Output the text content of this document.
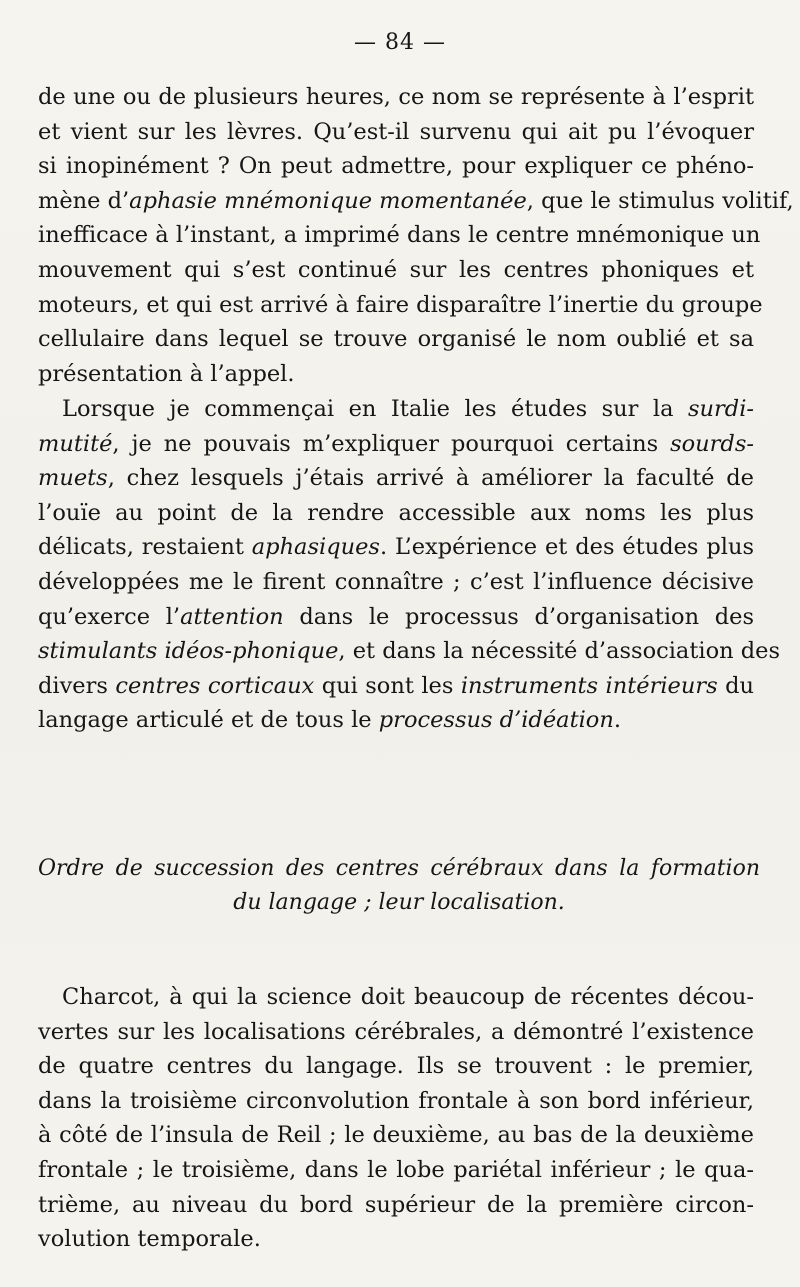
— 84 —
de une ou de plusieurs heures, ce nom se représente à l’esprit
et vient sur les lèvres. Qu’est-il survenu qui ait pu l’évoquer
si inopinément ? On peut admettre, pour expliquer ce phéno-
mène d’aphasie mnémonique momentanée, que le stimulus volitif,
inefficace à l’instant, a imprimé dans le centre mnémonique un
mouvement qui s’est continué sur les centres phoniques et
moteurs, et qui est arrivé à faire disparaître l’inertie du groupe
cellulaire dans lequel se trouve organisé le nom oublié et sa
présentation à l’appel.
Lorsque je commençai en Italie les études sur la surdi-
mutité, je ne pouvais m’expliquer pourquoi certains sourds-
muets, chez lesquels j’étais arrivé à améliorer la faculté de
l’ouïe au point de la rendre accessible aux noms les plus
délicats, restaient aphasiques. L’expérience et des études plus
développées me le firent connaître ; c’est l’influence décisive
qu’exerce l’attention dans le processus d’organisation des
stimulants idéos-phonique, et dans la nécessité d’association des
divers centres corticaux qui sont les instruments intérieurs du
langage articulé et de tous le processus d’idéation.
Ordre de succession des centres cérébraux dans la formation
du langage ; leur localisation.
Charcot, à qui la science doit beaucoup de récentes décou-
vertes sur les localisations cérébrales, a démontré l’existence
de quatre centres du langage. Ils se trouvent : le premier,
dans la troisième circonvolution frontale à son bord inférieur,
à côté de l’insula de Reil ; le deuxième, au bas de la deuxième
frontale ; le troisième, dans le lobe pariétal inférieur ; le qua-
trième, au niveau du bord supérieur de la première circon-
volution temporale.
